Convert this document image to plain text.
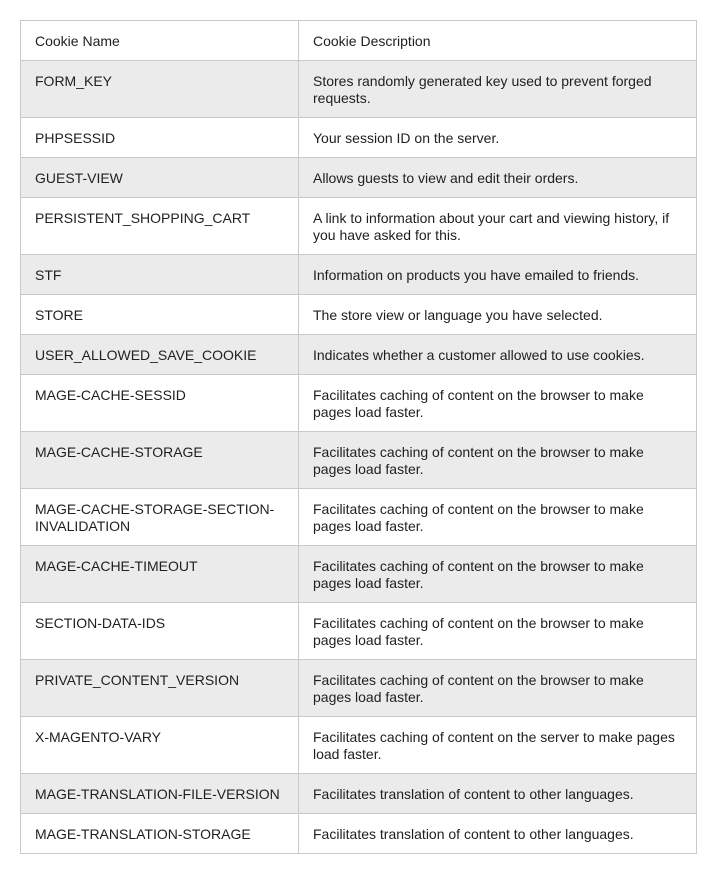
Cookie Name	Cookie Description
FORM_KEY	Stores randomly generated key used to prevent forged requests.
PHPSESSID	Your session ID on the server.
GUEST-VIEW	Allows guests to view and edit their orders.
PERSISTENT_SHOPPING_CART	A link to information about your cart and viewing history, if you have asked for this.
STF	Information on products you have emailed to friends.
STORE	The store view or language you have selected.
USER_ALLOWED_SAVE_COOKIE	Indicates whether a customer allowed to use cookies.
MAGE-CACHE-SESSID	Facilitates caching of content on the browser to make pages load faster.
MAGE-CACHE-STORAGE	Facilitates caching of content on the browser to make pages load faster.
MAGE-CACHE-STORAGE-SECTION-INVALIDATION	Facilitates caching of content on the browser to make pages load faster.
MAGE-CACHE-TIMEOUT	Facilitates caching of content on the browser to make pages load faster.
SECTION-DATA-IDS	Facilitates caching of content on the browser to make pages load faster.
PRIVATE_CONTENT_VERSION	Facilitates caching of content on the browser to make pages load faster.
X-MAGENTO-VARY	Facilitates caching of content on the server to make pages load faster.
MAGE-TRANSLATION-FILE-VERSION	Facilitates translation of content to other languages.
MAGE-TRANSLATION-STORAGE	Facilitates translation of content to other languages.
